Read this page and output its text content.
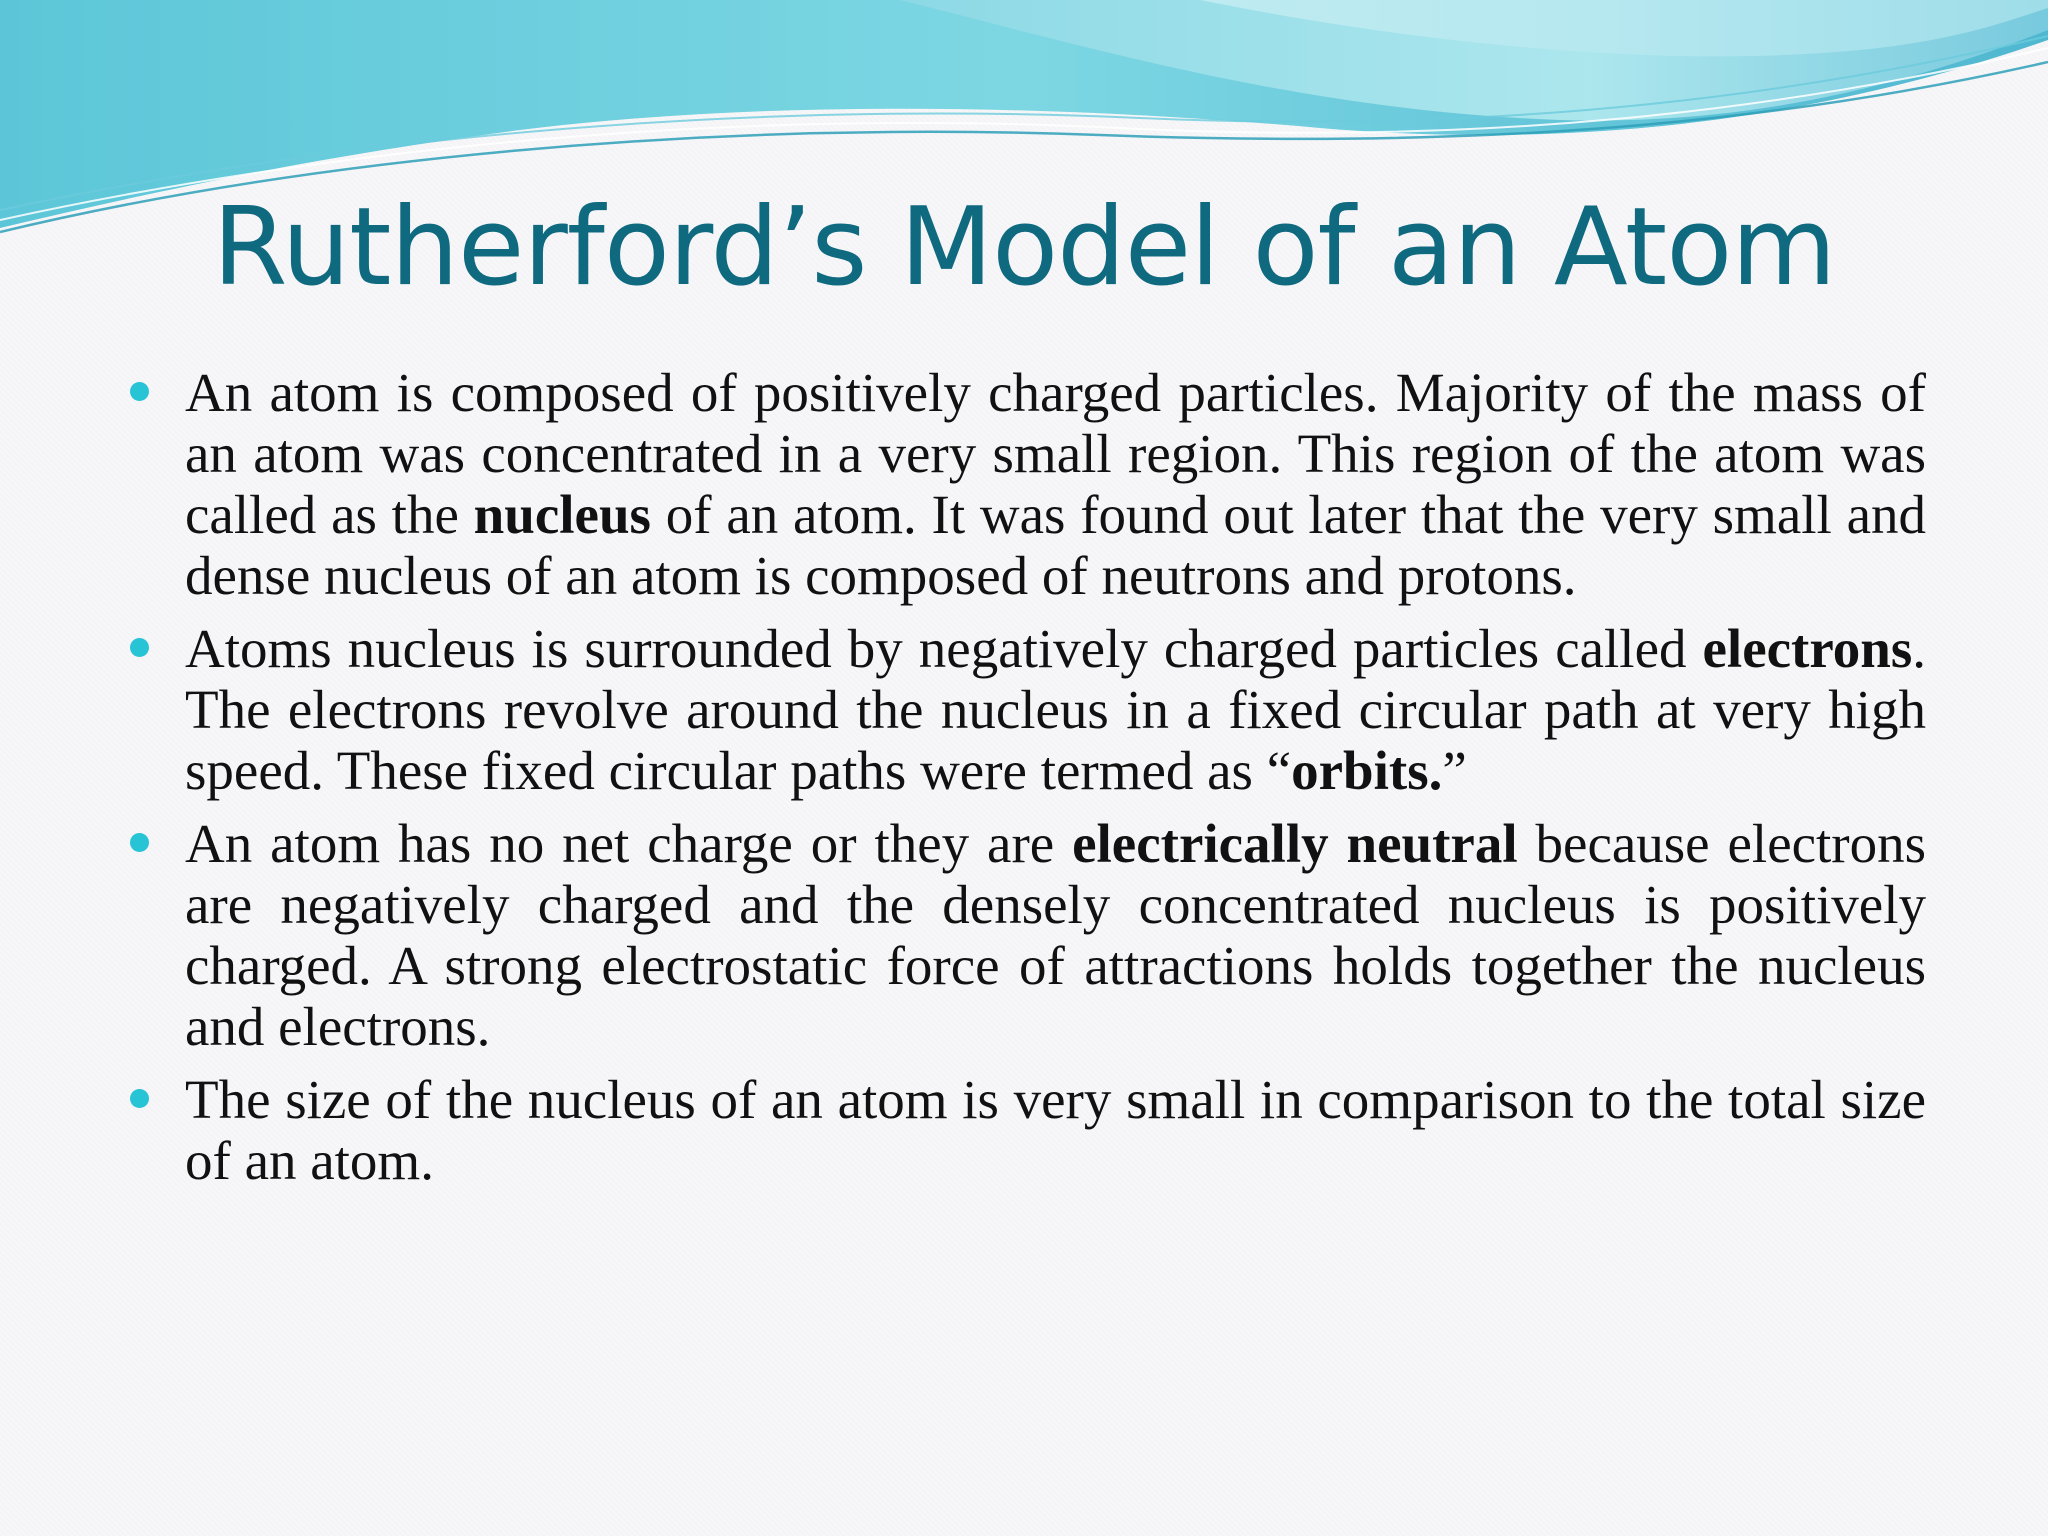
Rutherford’s Model of an Atom
An atom is composed of positively charged particles. Majority of the mass of an atom was concentrated in a very small region. This region of the atom was called as the nucleus of an atom. It was found out later that the very small and dense nucleus of an atom is composed of neutrons and protons.
Atoms nucleus is surrounded by negatively charged particles called electrons. The electrons revolve around the nucleus in a fixed circular path at very high speed. These fixed circular paths were termed as “orbits.”
An atom has no net charge or they are electrically neutral because electrons are negatively charged and the densely concentrated nucleus is positively charged. A strong electrostatic force of attractions holds together the nucleus and electrons.
The size of the nucleus of an atom is very small in comparison to the total size of an atom.
